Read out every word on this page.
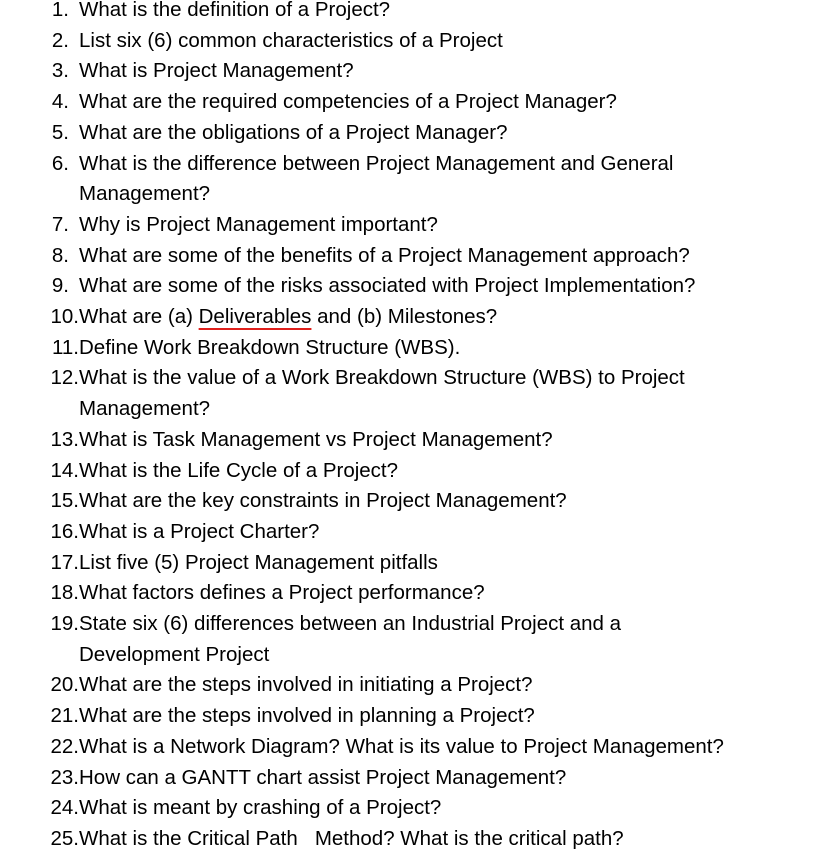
1. What is the definition of a Project?
2. List six (6) common characteristics of a Project
3. What is Project Management?
4. What are the required competencies of a Project Manager?
5. What are the obligations of a Project Manager?
6. What is the difference between Project Management and General Management?
7. Why is Project Management important?
8. What are some of the benefits of a Project Management approach?
9. What are some of the risks associated with Project Implementation?
10. What are (a) Deliverables and (b) Milestones?
11. Define Work Breakdown Structure (WBS).
12. What is the value of a Work Breakdown Structure (WBS) to Project Management?
13. What is Task Management vs Project Management?
14. What is the Life Cycle of a Project?
15. What are the key constraints in Project Management?
16. What is a Project Charter?
17. List five (5) Project Management pitfalls
18. What factors defines a Project performance?
19. State six (6) differences between an Industrial Project and a Development Project
20. What are the steps involved in initiating a Project?
21. What are the steps involved in planning a Project?
22. What is a Network Diagram? What is its value to Project Management?
23. How can a GANTT chart assist Project Management?
24. What is meant by crashing of a Project?
25. What is the Critical Path   Method? What is the critical path?
